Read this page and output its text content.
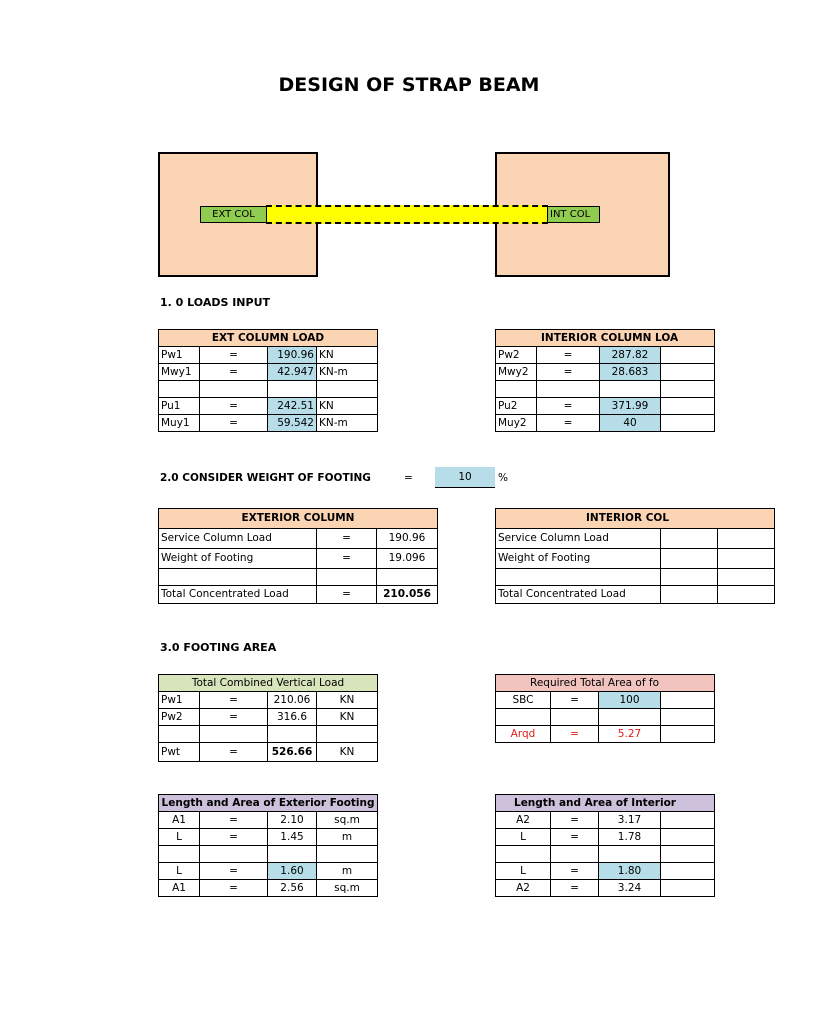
DESIGN OF STRAP BEAM
EXT COL	INT COL
1. 0 LOADS INPUT
EXT COLUMN LOAD			
Pw1	=	190.96	KN
Mwy1	=	42.947	KN-m

Pu1	=	242.51	KN
Muy1	=	59.542	KN-m
INTERIOR COLUMN LOA			
Pw2	=	287.82	
Mwy2	=	28.683	

Pu2	=	371.99	
Muy2	=	40	
2.0 CONSIDER WEIGHT OF FOOTING	=	10	%
EXTERIOR COLUMN		
Service Column Load	=	190.96
Weight of Footing	=	19.096

Total Concentrated Load	=	210.056
INTERIOR COL		
Service Column Load		
Weight of Footing		

Total Concentrated Load		
3.0 FOOTING AREA
Total Combined Vertical Load			
Pw1	=	210.06	KN
Pw2	=	316.6	KN

Pwt	=	526.66	KN
Required Total Area of fo			
SBC	=	100	

Arqd	=	5.27	
Length and Area of Exterior Footing			
A1	=	2.10	sq.m
L	=	1.45	m

L	=	1.60	m
A1	=	2.56	sq.m
Length and Area of Interior			
A2	=	3.17	
L	=	1.78	

L	=	1.80	
A2	=	3.24	
